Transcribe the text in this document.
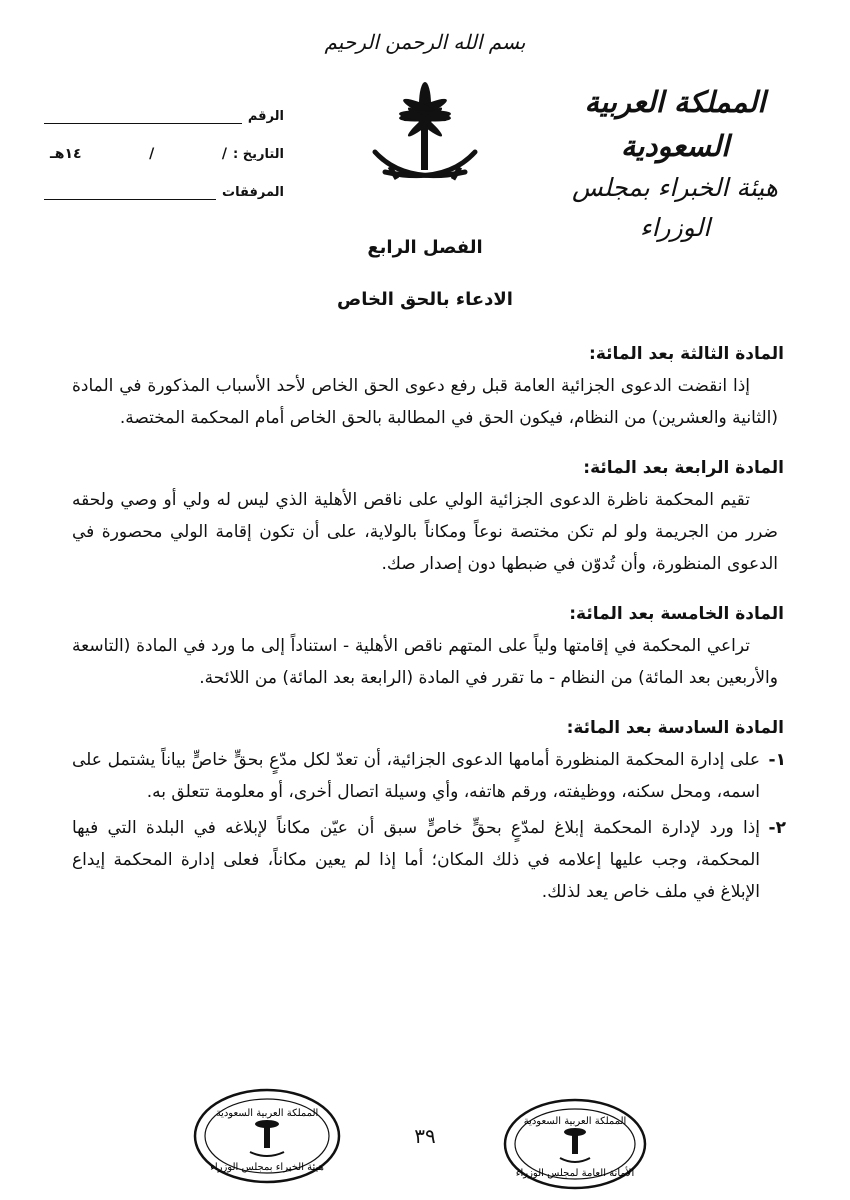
بسم الله الرحمن الرحيم
المملكة العربية السعودية
هيئة الخبراء بمجلس الوزراء
الرقم
التاريخ
:
/
/
١٤هـ
المرفقات
الفصل الرابع
الادعاء بالحق الخاص

المادة الثالثة بعد المائة:

إذا انقضت الدعوى الجزائية العامة قبل رفع دعوى الحق الخاص لأحد الأسباب المذكورة في المادة (الثانية والعشرين) من النظام، فيكون الحق في المطالبة بالحق الخاص أمام المحكمة المختصة.

المادة الرابعة بعد المائة:

تقيم المحكمة ناظرة الدعوى الجزائية الولي على ناقص الأهلية الذي ليس له ولي أو وصي ولحقه ضرر من الجريمة ولو لم تكن مختصة نوعاً ومكاناً بالولاية، على أن تكون إقامة الولي محصورة في الدعوى المنظورة، وأن تُدوّن في ضبطها دون إصدار صك.

المادة الخامسة بعد المائة:

تراعي المحكمة في إقامتها ولياً على المتهم ناقص الأهلية - استناداً إلى ما ورد في المادة (التاسعة والأربعين بعد المائة) من النظام - ما تقرر في المادة (الرابعة بعد المائة) من اللائحة.

المادة السادسة بعد المائة:

١-
على إدارة المحكمة المنظورة أمامها الدعوى الجزائية، أن تعدّ لكل مدّعٍ بحقٍّ خاصٍّ بياناً يشتمل على اسمه، ومحل سكنه، ووظيفته، ورقم هاتفه، وأي وسيلة اتصال أخرى، أو معلومة تتعلق به.
٢-
إذا ورد لإدارة المحكمة إبلاغ لمدّعٍ بحقٍّ خاصٍّ سبق أن عيّن مكاناً لإبلاغه في البلدة التي فيها المحكمة، وجب عليها إعلامه في ذلك المكان؛ أما إذا لم يعين مكاناً، فعلى إدارة المحكمة إيداع الإبلاغ في ملف خاص يعد لذلك.
٣٩
المملكة العربية السعودية
هيئة الخبراء بمجلس الوزراء
المملكة العربية السعودية
الأمانة العامة لمجلس الوزراء
